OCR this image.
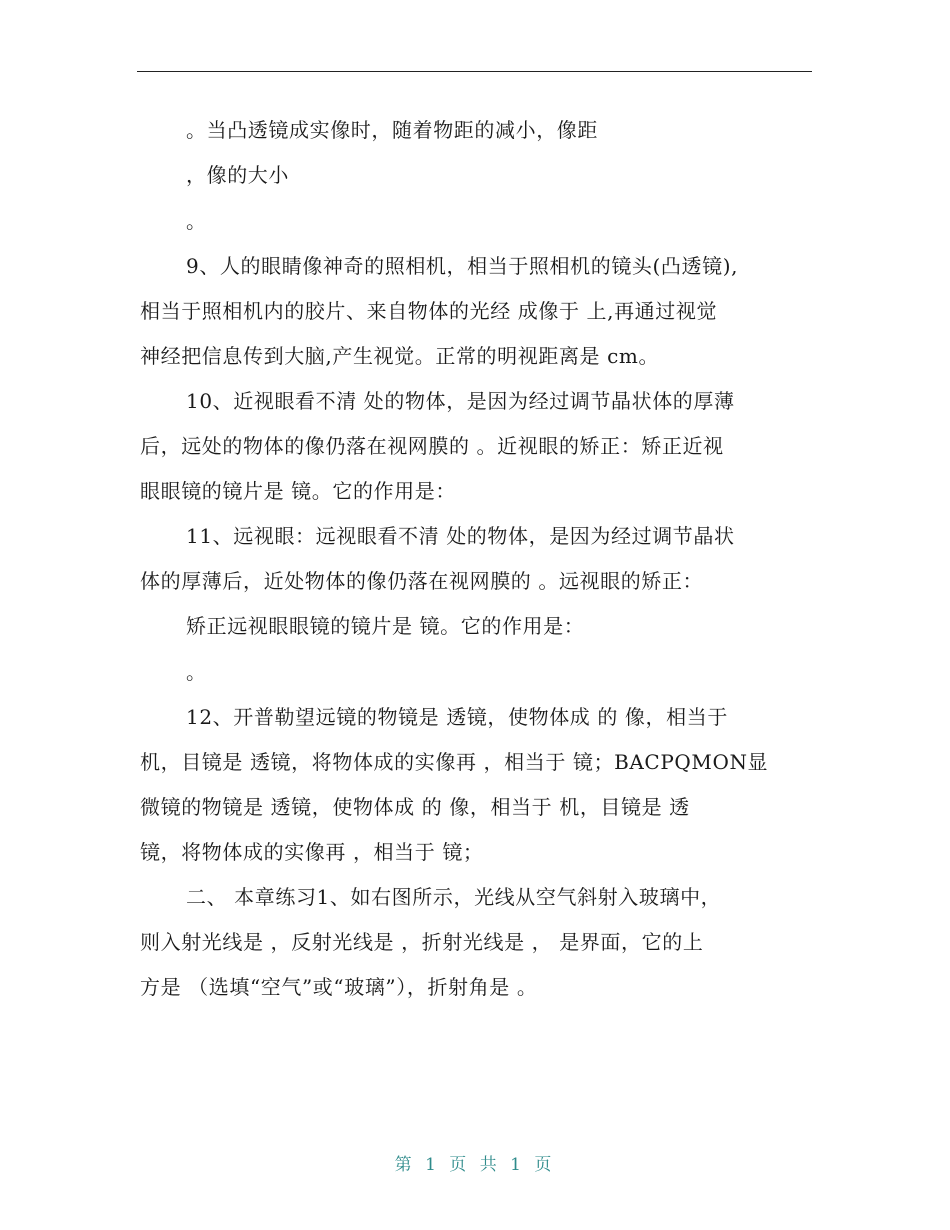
。当凸透镜成实像时，随着物距的减小，像距
，像的大小
。
9、人的眼睛像神奇的照相机，相当于照相机的镜头(凸透镜),
相当于照相机内的胶片、来自物体的光经 成像于 上,再通过视觉
神经把信息传到大脑,产生视觉。正常的明视距离是 cm。
10、近视眼看不清 处的物体，是因为经过调节晶状体的厚薄
后，远处的物体的像仍落在视网膜的 。近视眼的矫正：矫正近视
眼眼镜的镜片是 镜。它的作用是：
11、远视眼：远视眼看不清 处的物体，是因为经过调节晶状
体的厚薄后，近处物体的像仍落在视网膜的 。远视眼的矫正：
矫正远视眼眼镜的镜片是 镜。它的作用是：
。
12、开普勒望远镜的物镜是 透镜，使物体成 的 像，相当于
机，目镜是 透镜，将物体成的实像再 ，相当于 镜；BACPQMON显
微镜的物镜是 透镜，使物体成 的 像，相当于 机，目镜是 透
镜，将物体成的实像再 ，相当于 镜；
二、 本章练习1、如右图所示，光线从空气斜射入玻璃中，
则入射光线是 ，反射光线是 ，折射光线是 ， 是界面，它的上
方是 （选填“空气”或“玻璃”），折射角是 。
第 1 页 共 1 页
